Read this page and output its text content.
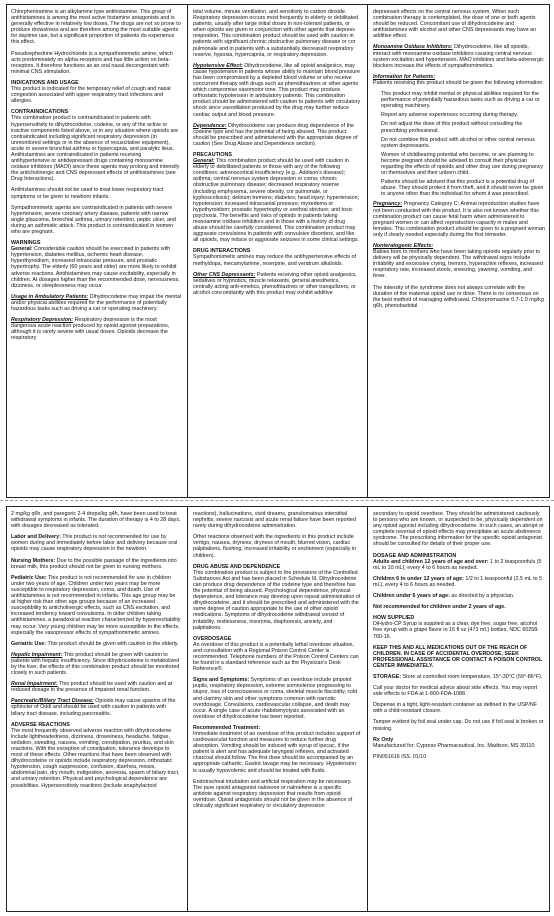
Chlorpheniramine is an alkylamine type antihistamine. This group of antihistamines is among the most active histamine antagonists and is generally effective in relatively low doses. The drugs are not so prone to produce drowsiness and are therefore among the most suitable agents for daytime use, but a significant proportion of patients do experience this effect.

Pseudoephedrine Hydrochloride is a sympathomimetic amine, which acts predominately on alpha-receptors and has little action on beta-receptors. It therefore functions as an oral nasal decongestant with minimal CNS stimulation.

INDICATIONS AND USAGE

This product is indicated for the temporary relief of cough and nasal congestion associated with upper respiratory tract infections and allergies.

CONTRAINDICATIONS

This combination product is contraindicated in patients with hypersensitivity to dihydrocodeine, codeine, or any of the active or inactive components listed above, or in any situation where opioids are contraindicated including significant respiratory depression (in unmonitored settings or in the absence of resuscitative equipment), acute or severe bronchial asthma or hypercapnia, and paralytic ileus. Antihistamines are contraindicated in patients receiving antihypertensive or antidepressant drugs containing monoamine oxidase inhibitors (MAOI) since these agents may prolong and intensify the anticholinergic and CNS depressant effects of antihistamines (see Drug Interactions).

Antihistamines should not be used to treat lower respiratory tract symptoms or be given to newborn infants.

Sympathomimetic agents are contraindicated in patients with severe hypertension, severe coronary artery disease, patients with narrow angle glaucoma, bronchial asthma, urinary retention, peptic ulcer, and during an asthmatic attack. This product is contraindicated in women who are pregnant.

WARNINGS

General: Considerable caution should be exercised in patients with hypertension, diabetes mellitus, ischemic heart disease, hyperthyroidism, increased intraocular pressure, and prostatic hypertrophy. The elderly (60 years and older) are more likely to exhibit adverse reactions. Antihistamines may cause excitability, especially in children. At dosages higher than the recommended dose, nervousness, dizziness, or sleeplessness may occur.

Usage in Ambulatory Patients: Dihydrocodeine may impair the mental and/or physical abilities required for the performance of potentially hazardous tasks such as driving a car or operating machinery.

Respiratory Depression: Respiratory depression is the most dangerous acute reaction produced by opioid agonist preparations, although it is rarely severe with usual doses. Opioids decrease the respiratory

tidal volume, minute ventilation, and sensitivity to carbon dioxide. Respiratory depression occurs most frequently in elderly or debilitated patients, usually after large initial doses in non-tolerant patients, or when opioids are given in conjunction with other agents that depress respiration. This combination product should be used with caution in patients with significant chronic obstructive pulmonary disease or cor pulmonale and in patients with a substantially decreased respiratory reserve, hypoxia, hypercapnia, or respiratory depression.

Hypotensive Effect: Dihydrocodeine, like all opioid analgesics, may cause hypotension in patients whose ability to maintain blood pressure has been compromised by a depleted blood volume or who receive concurrent therapy with drugs such as phenothiazines or other agents which compromise vasomotor tone. This product may produce orthostatic hypotension in ambulatory patients. This combination product should be administered with caution to patients with circulatory shock since vasodilation produced by the drug may further reduce cardiac output and blood pressure.

Dependence: Dihydrocodeine can produce drug dependence of the codeine type and has the potential of being abused. This product should be prescribed and administered with the appropriate degree of caution (See Drug Abuse and Dependence section).

PRECAUTIONS

General: This combination product should be used with caution in elderly or debilitated patients or those with any of the following conditions: adrenocortical insufficiency (e.g., Addison's disease); asthma; central nervous system depression or coma; chronic obstructive pulmonary disease; decreased respiratory reserve (including emphysema, severe obesity, cor pulmonale, or kyphoscoliosis); delirium tremens; diabetes; head injury; hypertension; hypotension; increased intracranial pressure; myxedema or hypothyroidism; prostatic hypertrophy or urethral stricture; and toxic psychosis. The benefits and risks of opioids in patients taking monoamine oxidase inhibitors and in those with a history of drug abuse should be carefully considered. This combination product may aggravate convulsions in patients with convulsive disorders, and like all opioids, may induce or aggravate seizures in some clinical settings.

DRUG INTERACTIONS

Sympathomimetic amines may reduce the antihypertensive effects of methyldopa, mecamylamine, reserpine, and veratrum alkaloids.

Other CNS Depressants: Patients receiving other opioid analgesics, sedatives or hypnotics, muscle relaxants, general anesthetics, centrally acting anti-emetics, phenothiazines or other tranquilizers, or alcohol concomitantly with this product may exhibit additive

depressant effects on the central nervous system. When such combination therapy is contemplated, the dose of one or both agents should be reduced. Concomitant use of dihydrocodeine and antihistamines with alcohol and other CNS depressants may have an additive effect.

Monoamine Oxidase Inhibitors: Dihydrocodeine, like all opioids, interact with monoamine oxidase inhibitors causing central nervous system excitation and hypertension. MAO inhibitors and beta-adrenergic blockers increase the effects of sympathomimetics.

Information for Patients:

Patients receiving this product should be given the following information:

• This product may inhibit mental or physical abilities required for the performance of potentially hazardous tasks such as driving a car or operating machinery.
• Report any adverse experiences occurring during therapy.
• Do not adjust the dose of this product without consulting the prescribing professional.
• Do not combine this product with alcohol or other central nervous system depressants.
• Women of childbearing potential who become, or are planning to become pregnant should be advised to consult their physician regarding the effects of opioids and other drug use during pregnancy on themselves and their unborn child.
• Patients should be advised that this product is a potential drug of abuse. They should protect it from theft, and it should never be given to anyone other than the individual for whom it was prescribed.

Pregnancy: Pregnancy Category C: Animal reproduction studies have not been conducted with this product. It is also not known whether this combination product can cause fetal harm when administered to pregnant women or can affect reproduction capacity in males and females. This combination product should be given to a pregnant woman only if clearly needed especially during the first trimester.

Nonteratogenic Effects:

Babies born to mothers who have been taking opioids regularly prior to delivery will be physically dependent. The withdrawal signs include irritability and excessive crying, tremors, hyperactive reflexes, increased respiratory rate, increased stools, sneezing, yawning, vomiting, and fever.

The intensity of the syndrome does not always correlate with the duration of the maternal opioid use or dose. There is no consensus on the best method of managing withdrawal. Chlorpromazine 0.7-1.0 mg/kg q6h, phenobarbital

2 mg/kg q6h, and paregoric 2-4 drops/kg q4h, have been used to treat withdrawal symptoms in infants. The duration of therapy is 4 to 28 days, with dosages decreased as tolerated.

Labor and Delivery: This product is not recommended for use by women during and immediately before labor and delivery because oral opioids may cause respiratory depression in the newborn.

Nursing Mothers: Due to the possible passage of the ingredients into breast milk, this product should not be given to nursing mothers.

Pediatric Use: This product is not recommended for use in children under two years of age. Children under two years may be more susceptible to respiratory depression, coma, and death. Use of antihistamines is not recommended in infants. This age group may be at higher risk than other age groups because of an increased susceptibility to anticholinergic effects, such as CNS excitation, and increased tendency toward convulsions. In older children taking antihistamines, a paradoxical reaction characterized by hyperexcitability may occur. Very young children may be more susceptible to the effects, especially the vasopressor effects of sympathomimetic amines.

Geriatric Use: This product should be given with caution to the elderly.

Hepatic Impairment: This product should be given with caution to patients with hepatic insufficiency. Since dihydrocodeine is metabolized by the liver, the effects of this combination product should be monitored closely in such patients.

Renal Impairment: This product should be used with caution and at reduced dosage in the presence of impaired renal function.

Pancreatic/Biliary Tract Disease: Opioids may cause spasms of the sphincter of Oddi and should be used with caution in patients with biliary tract disease, including pancreatitis.

ADVERSE REACTIONS

The most frequently observed adverse reaction with dihydrocodeine include lightheadedness, dizziness, drowsiness, headache, fatigue, sedation, sweating, nausea, vomiting, constipation, pruritus, and skin reactions. With the exception of constipation, tolerance develops to most of these effects. Other reactions that have been observed with dihydrocodeine or opioids include respiratory depression, orthostatic hypotension, cough suppression, confusion, diarrhea, miosis, abdominal pain, dry mouth, indigestion, anorexia, spasm of biliary tract, and urinary retention. Physical and psychological dependence are possibilities. Hypersensitivity reactions (include anaphylactoid

reactions), hallucinations, vivid dreams, granulomatous interstitial nephritis, severe narcosis and acute renal failure have been reported rarely during dihydrocodeine administration.

Other reactions observed with the ingredients in this product include vertigo, nausea, dryness, dryness of mouth, blurred vision, cardiac palpitations, flushing, increased irritability or excitement (especially in children).

DRUG ABUSE AND DEPENDENCE

This combination product is subject to the provisions of the Controlled Substances Act and has been placed in Schedule III. Dihydrocodeine can produce drug dependence of the codeine type and therefore has the potential of being abused. Psychological dependence, physical dependence, and tolerance may develop upon repeat administration of dihydrocodeine, and it should be prescribed and administered with the same degree of caution appropriate to the use of other opioid medications. Symptoms of dihydrocodeine withdrawal consist of irritability, restlessness, insomnia, diaphoresis, anxiety, and palpitations.

OVERDOSAGE

An overdose of this product is a potentially lethal overdose situation, and consultation with a Regional Poison Control Center is recommended. Telephone numbers of the Poison Control Centers can be found in a standard reference such as the Physician's Desk Reference®.

Signs and Symptoms: Symptoms of an overdose include pinpoint pupils, respiratory depression, extreme somnolence progressing to stupor, loss of consciousness or coma, skeletal muscle flaccidity, cold and clammy skin and other symptoms common with narcotic overdosage. Convulsions, cardiovascular collapse, and death may occur. A single case of acute rhabdomyolysis associated with an overdose of dihydrocodeine has been reported.

Recommended Treatment:

Immediate treatment of an overdose of this product includes support of cardiovascular function and measures to reduce further drug absorption. Vomiting should be induced with syrup of ipecac, if the patient is alert and has adequate laryngeal reflexes, and activated charcoal should follow. The first dose should be accompanied by an appropriate cathartic. Gastric lavage may be necessary. Hypotension is usually hypovolemic and should be treated with fluids.

Endotracheal intubation and artificial respiration may be necessary. The pure opioid antagonist naloxone or nalmefene is a specific antidote against respiratory depression that results from opioid overdose. Opioid antagonists should not be given in the absence of clinically significant respiratory or circulatory depression

secondary to opioid overdose. They should be administered cautiously to persons who are known, or suspected to be, physically dependent on any opioid agonist including dihydrocodeine. In such cases, an abrupt or complete reversal of opioid effects may precipitate an acute abstinence syndrome. The prescribing information for the specific opioid antagonist should be consulted for details of their proper use.

DOSAGE AND ADMINISTRATION

Adults and children 12 years of age and over: 1 to 2 teaspoonfuls (5 mL to 10 mL), every 4 to 6 hours as needed.

Children 6 to under 12 years of age: 1/2 to 1 teaspoonful (2.5 mL to 5 mL), every 4 to 6 hours as needed.

Children under 6 years of age: as directed by a physician.

Not recommended for children under 2 years of age.

HOW SUPPLIED

DiHydro-CP Syrup is supplied as a clear, dye free, sugar free, alcohol free syrup with a grape flavor in 16 fl oz (473 mL) bottles, NDC 60258-760-16.

KEEP THIS AND ALL MEDICATIONS OUT OF THE REACH OF CHILDREN. IN CASE OF ACCIDENTAL OVERDOSE, SEEK PROFESSIONAL ASSISTANCE OR CONTACT A POISON CONTROL CENTER IMMEDIATELY.

STORAGE: Store at controlled room temperature, 15°-30°C (59°-86°F).

Call your doctor for medical advice about side effects. You may report side effects to FDA at 1-800-FDA-1088.

Dispense in a tight, light-resistant container as defined in the USP/NF with a child-resistant closure.

Tamper evident by foil seal under cap. Do not use if foil seal is broken or missing.

Rx Only

Manufactured for: Cypress Pharmaceutical, Inc. Madison, MS 39110

PIN051616 ISS. 01/10
